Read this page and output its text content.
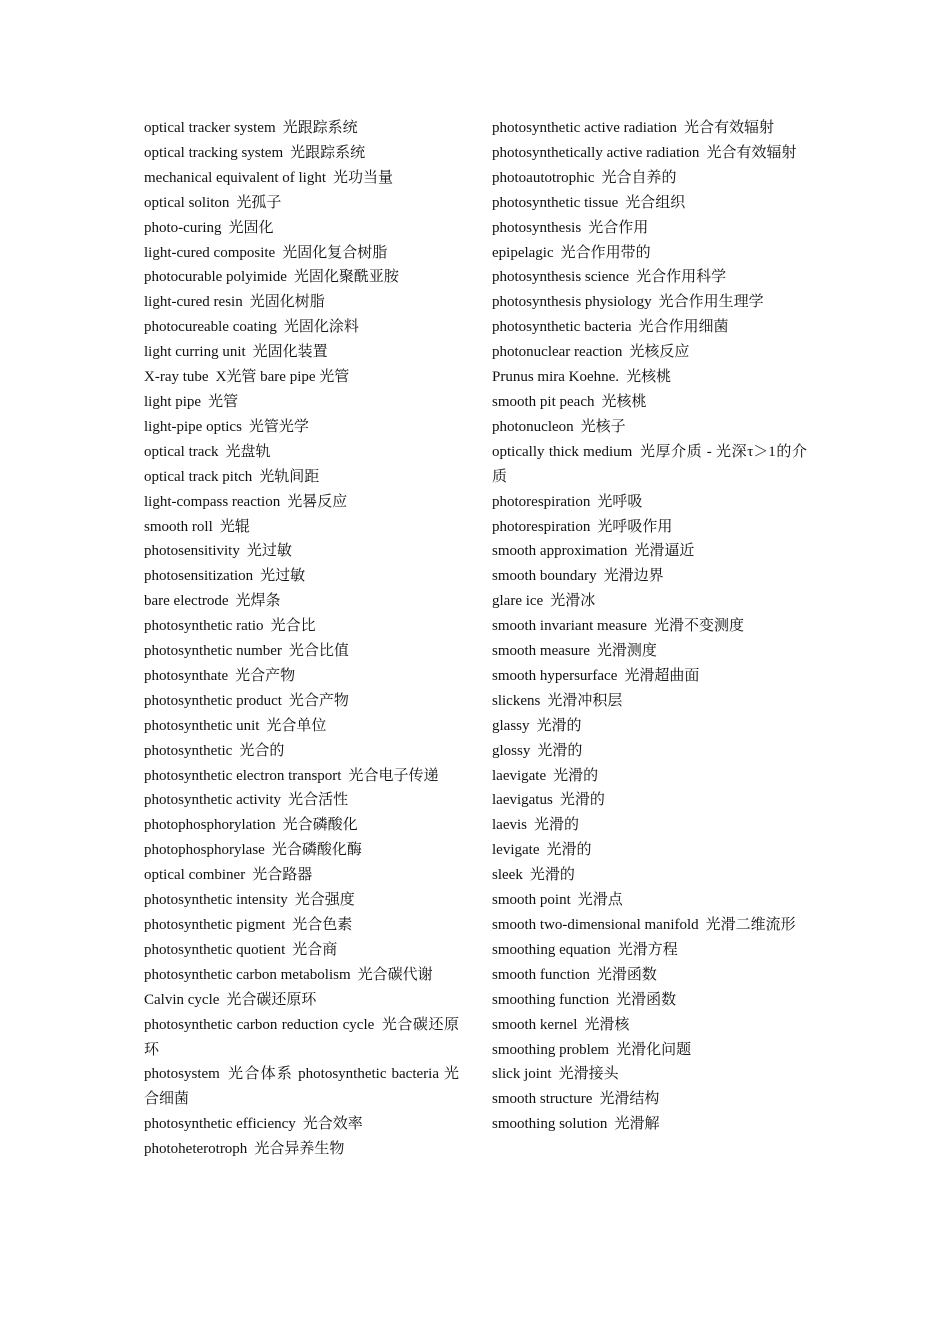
optical tracker system 光跟踪系统

optical tracking system 光跟踪系统

mechanical equivalent of light 光功当量

optical soliton 光孤子

photo-curing 光固化

light-cured composite 光固化复合树脂

photocurable polyimide 光固化聚酰亚胺

light-cured resin 光固化树脂

photocureable coating 光固化涂料

light curring unit 光固化装置

X-ray tube X光管 bare pipe 光管

light pipe 光管

light-pipe optics 光管光学

optical track 光盘轨

optical track pitch 光轨间距

light-compass reaction 光晷反应

smooth roll 光辊

photosensitivity 光过敏

photosensitization 光过敏

bare electrode 光焊条

photosynthetic ratio 光合比

photosynthetic number 光合比值

photosynthate 光合产物

photosynthetic product 光合产物

photosynthetic unit 光合单位

photosynthetic 光合的

photosynthetic electron transport 光合电子传递

photosynthetic activity 光合活性

photophosphorylation 光合磷酸化

photophosphorylase 光合磷酸化酶

optical combiner 光合路器

photosynthetic intensity 光合强度

photosynthetic pigment 光合色素

photosynthetic quotient 光合商

photosynthetic carbon metabolism 光合碳代谢

Calvin cycle 光合碳还原环

photosynthetic carbon reduction cycle 光合碳还原环

photosystem 光合体系 photosynthetic bacteria 光合细菌

photosynthetic efficiency 光合效率

photoheterotroph 光合异养生物

photosynthetic active radiation 光合有效辐射

photosynthetically active radiation 光合有效辐射

photoautotrophic 光合自养的

photosynthetic tissue 光合组织

photosynthesis 光合作用

epipelagic 光合作用带的

photosynthesis science 光合作用科学

photosynthesis physiology 光合作用生理学

photosynthetic bacteria 光合作用细菌

photonuclear reaction 光核反应

Prunus mira Koehne. 光核桃

smooth pit peach 光核桃

photonucleon 光核子

optically thick medium 光厚介质 - 光深τ＞1的介质

photorespiration 光呼吸

photorespiration 光呼吸作用

smooth approximation 光滑逼近

smooth boundary 光滑边界

glare ice 光滑冰

smooth invariant measure 光滑不变测度

smooth measure 光滑测度

smooth hypersurface 光滑超曲面

slickens 光滑冲积层

glassy 光滑的

glossy 光滑的

laevigate 光滑的

laevigatus 光滑的

laevis 光滑的

levigate 光滑的

sleek 光滑的

smooth point 光滑点

smooth two-dimensional manifold 光滑二维流形

smoothing equation 光滑方程

smooth function 光滑函数

smoothing function 光滑函数

smooth kernel 光滑核

smoothing problem 光滑化问题

slick joint 光滑接头

smooth structure 光滑结构

smoothing solution 光滑解
